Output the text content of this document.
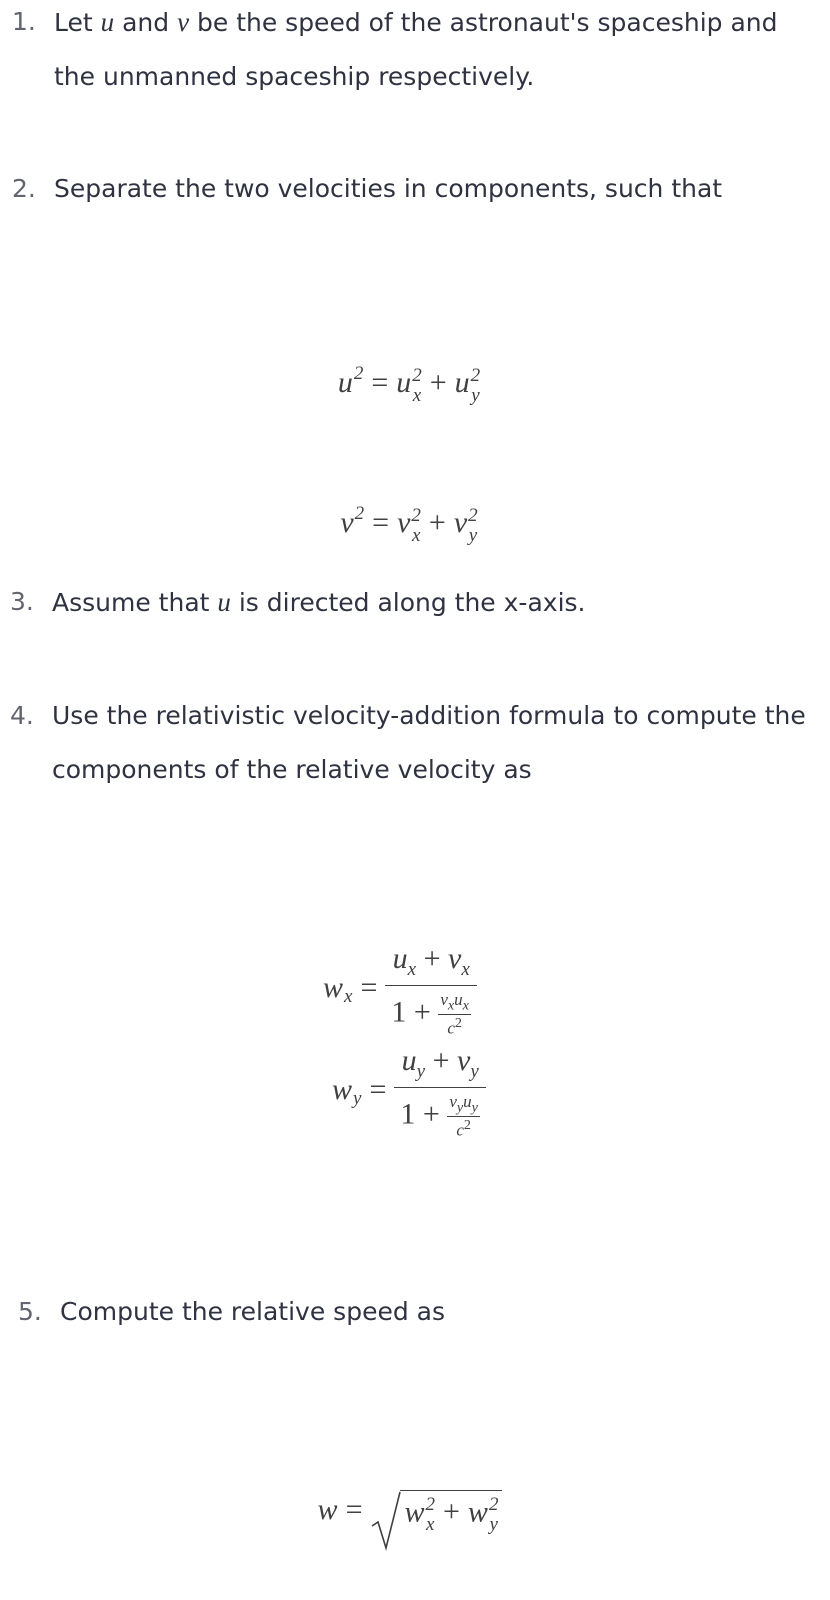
1. Let u and v be the speed of the astronaut's spaceship and the unmanned spaceship respectively.

2. Separate the two velocities in components, such that

u 2 = u 2
x + u 2
y
v 2 = v 2
x + v 2
y

3. Assume that u is directed along the x-axis.

4. Use the relativistic velocity-addition formula to compute the components of the relative velocity as

w $x = u_x + v_x$
$1 + v_xu_x$
$c^2$
w $y = u_y + v_y$
$1 + v_yu_y$
$c^2$

5. Compute the relative speed as

w = w 2
x + w 2
y
